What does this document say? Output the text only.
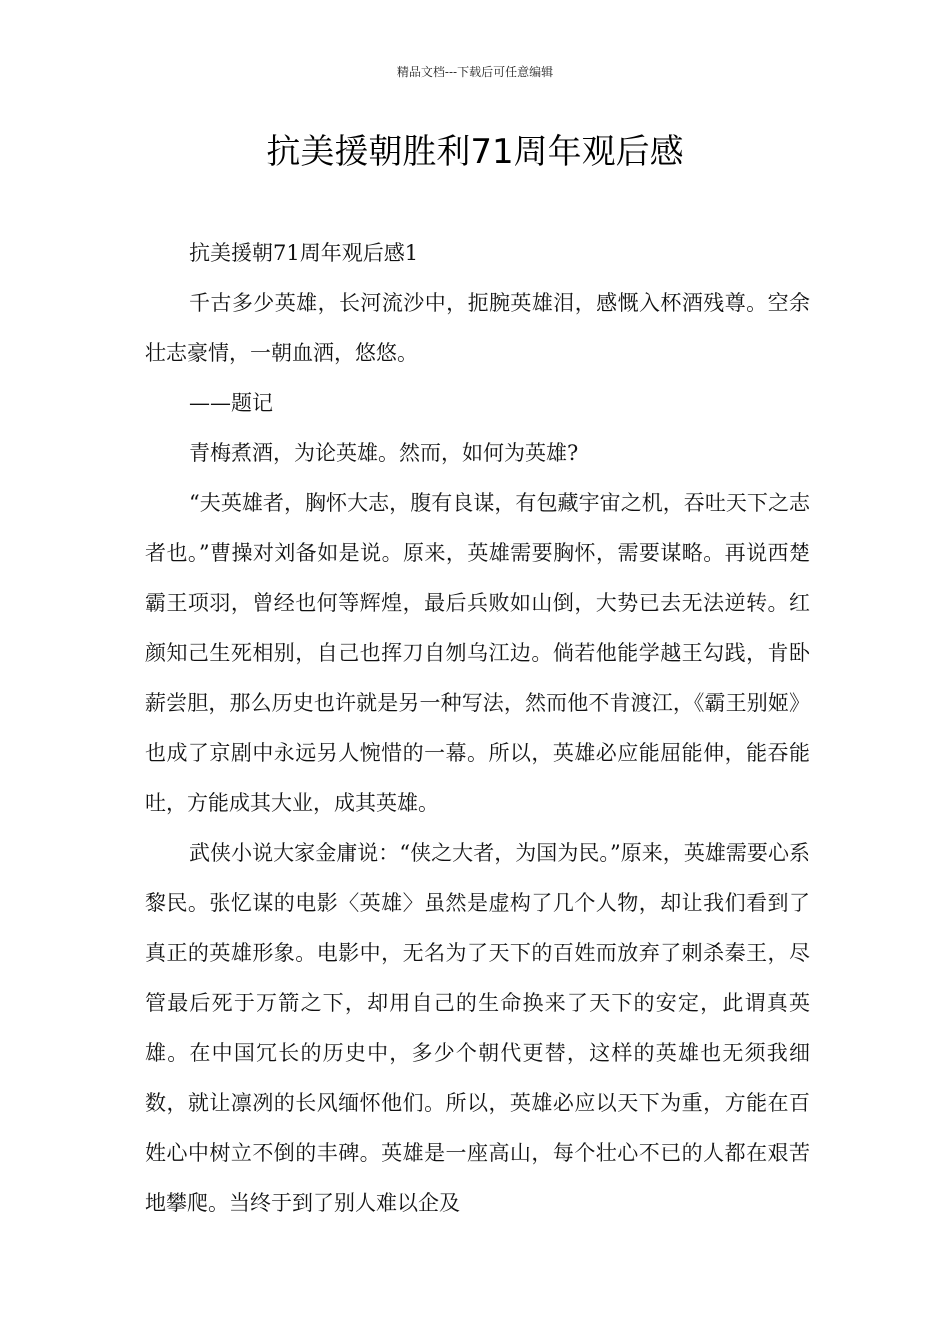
精品文档---下载后可任意编辑
抗美援朝胜利71周年观后感

抗美援朝71周年观后感1

千古多少英雄，长河流沙中，扼腕英雄泪，感慨入杯酒残尊。空余壮志豪情，一朝血洒，悠悠。

——题记

青梅煮酒，为论英雄。然而，如何为英雄?

“夫英雄者，胸怀大志，腹有良谋，有包藏宇宙之机，吞吐天下之志者也。”曹操对刘备如是说。原来，英雄需要胸怀，需要谋略。再说西楚霸王项羽，曾经也何等辉煌，最后兵败如山倒，大势已去无法逆转。红颜知己生死相别，自己也挥刀自刎乌江边。倘若他能学越王勾践，肯卧薪尝胆，那么历史也许就是另一种写法，然而他不肯渡江，《霸王别姬》也成了京剧中永远另人惋惜的一幕。所以，英雄必应能屈能伸，能吞能吐，方能成其大业，成其英雄。

武侠小说大家金庸说：“侠之大者，为国为民。”原来，英雄需要心系黎民。张忆谋的电影〈英雄〉虽然是虚构了几个人物，却让我们看到了真正的英雄形象。电影中，无名为了天下的百姓而放弃了刺杀秦王，尽管最后死于万箭之下，却用自己的生命换来了天下的安定，此谓真英雄。在中国冗长的历史中，多少个朝代更替，这样的英雄也无须我细数，就让凛冽的长风缅怀他们。所以，英雄必应以天下为重，方能在百姓心中树立不倒的丰碑。英雄是一座高山，每个壮心不已的人都在艰苦地攀爬。当终于到了别人难以企及
